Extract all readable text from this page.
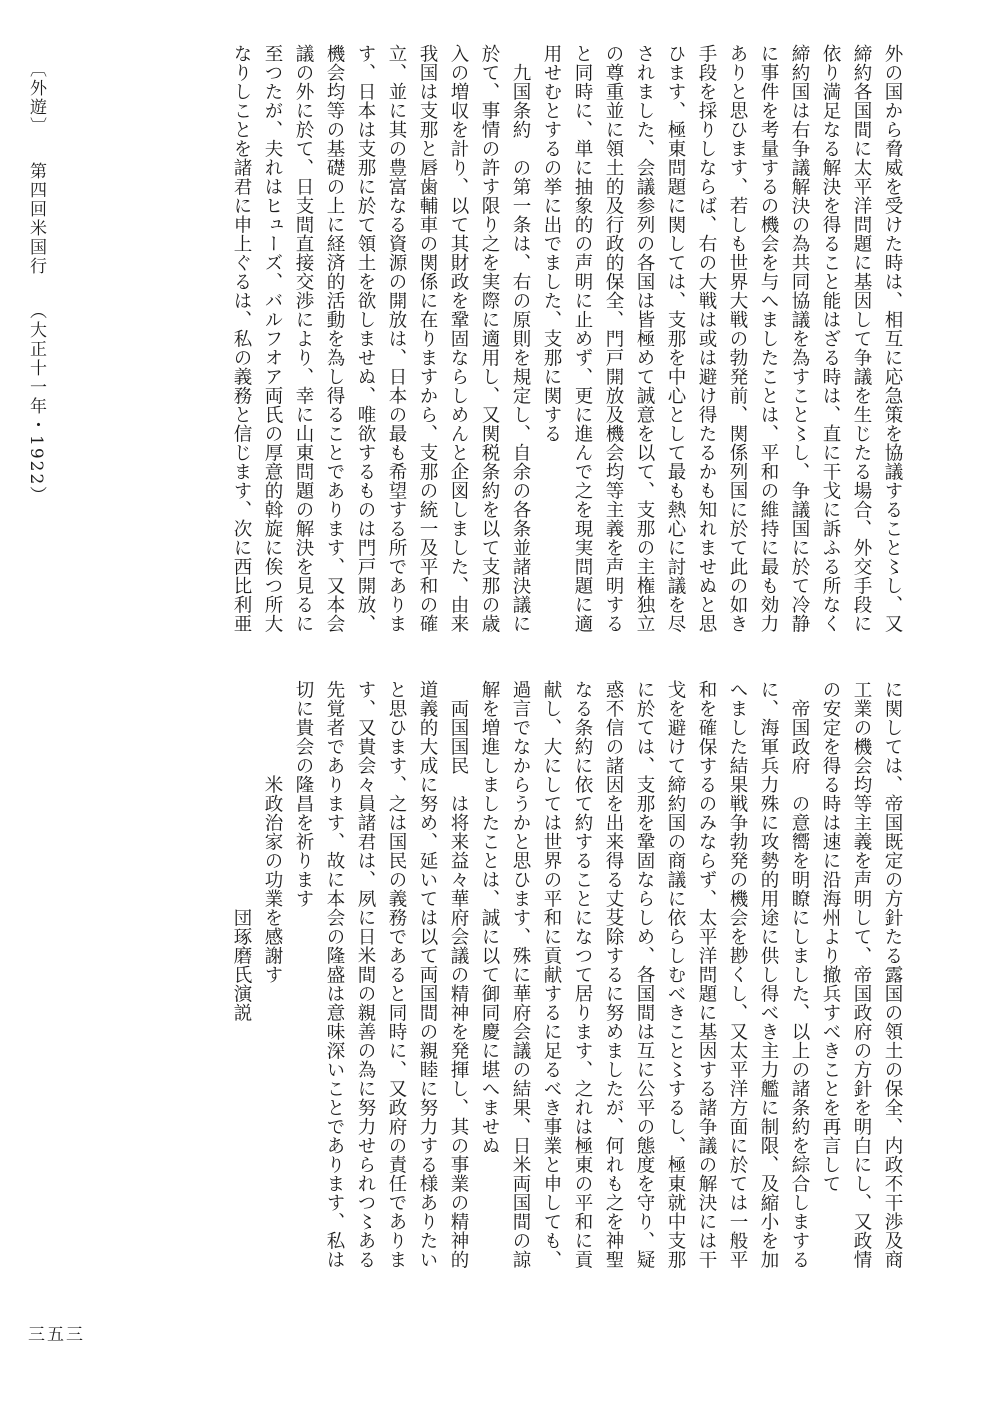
外の国から脅威を受けた時は、相互に応急策を協議すること〻し、又
締約各国間に太平洋問題に基因して争議を生じたる場合、外交手段に
依り満足なる解決を得ること能はざる時は、直に干戈に訴ふる所なく
締約国は右争議解決の為共同協議を為すこと〻し、争議国に於て冷静
に事件を考量するの機会を与へましたことは、平和の維持に最も効力
ありと思ひます、若しも世界大戦の勃発前、関係列国に於て此の如き
手段を採りしならば、右の大戦は或は避け得たるかも知れませぬと思
ひます、極東問題に関しては、支那を中心として最も熱心に討議を尽
されました、会議参列の各国は皆極めて誠意を以て、支那の主権独立
の尊重並に領土的及行政的保全、門戸開放及機会均等主義を声明する
と同時に、単に抽象的の声明に止めず、更に進んで之を現実問題に適
用せむとするの挙に出でました、支那に関する
　九国条約　の第一条は、右の原則を規定し、自余の各条並諸決議に
於て、事情の許す限り之を実際に適用し、又関税条約を以て支那の歳
入の増収を計り、以て其財政を鞏固ならしめんと企図しました、由来
我国は支那と唇歯輔車の関係に在りますから、支那の統一及平和の確
立、並に其の豊富なる資源の開放は、日本の最も希望する所でありま
す、日本は支那に於て領土を欲しませぬ、唯欲するものは門戸開放、
機会均等の基礎の上に経済的活動を為し得ることであります、又本会
議の外に於て、日支間直接交渉により、幸に山東問題の解決を見るに
至つたが、夫れはヒューズ、バルフオア両氏の厚意的斡旋に俟つ所大
なりしことを諸君に申上ぐるは、私の義務と信じます、次に西比利亜
に関しては、帝国既定の方針たる露国の領土の保全、内政不干渉及商
工業の機会均等主義を声明して、帝国政府の方針を明白にし、又政情
の安定を得る時は速に沿海州より撤兵すべきことを再言して
　帝国政府　の意嚮を明瞭にしました、以上の諸条約を綜合しまする
に、海軍兵力殊に攻勢的用途に供し得べき主力艦に制限、及縮小を加
へました結果戦争勃発の機会を尠くし、又太平洋方面に於ては一般平
和を確保するのみならず、太平洋問題に基因する諸争議の解決には干
戈を避けて締約国の商議に依らしむべきこと〻するし、極東就中支那
に於ては、支那を鞏固ならしめ、各国間は互に公平の態度を守り、疑
惑不信の諸因を出来得る丈芟除するに努めましたが、何れも之を神聖
なる条約に依て約することになつて居ります、之れは極東の平和に貢
献し、大にしては世界の平和に貢献するに足るべき事業と申しても、
過言でなからうかと思ひます、殊に華府会議の結果、日米両国間の諒
解を増進しましたことは、誠に以て御同慶に堪へませぬ
　両国国民　は将来益々華府会議の精神を発揮し、其の事業の精神的
道義的大成に努め、延いては以て両国間の親睦に努力する様ありたい
と思ひます、之は国民の義務であると同時に、又政府の責任でありま
す、又貴会々員諸君は、夙に日米間の親善の為に努力せられつ〻ある
先覚者であります、故に本会の隆盛は意味深いことであります、私は
切に貴会の隆昌を祈ります
　　　　　米政治家の功業を感謝す
　　　　　　　　　　　　団琢磨氏演説
〔外遊〕第四回米国行（大正十一年・1922）
三五三
